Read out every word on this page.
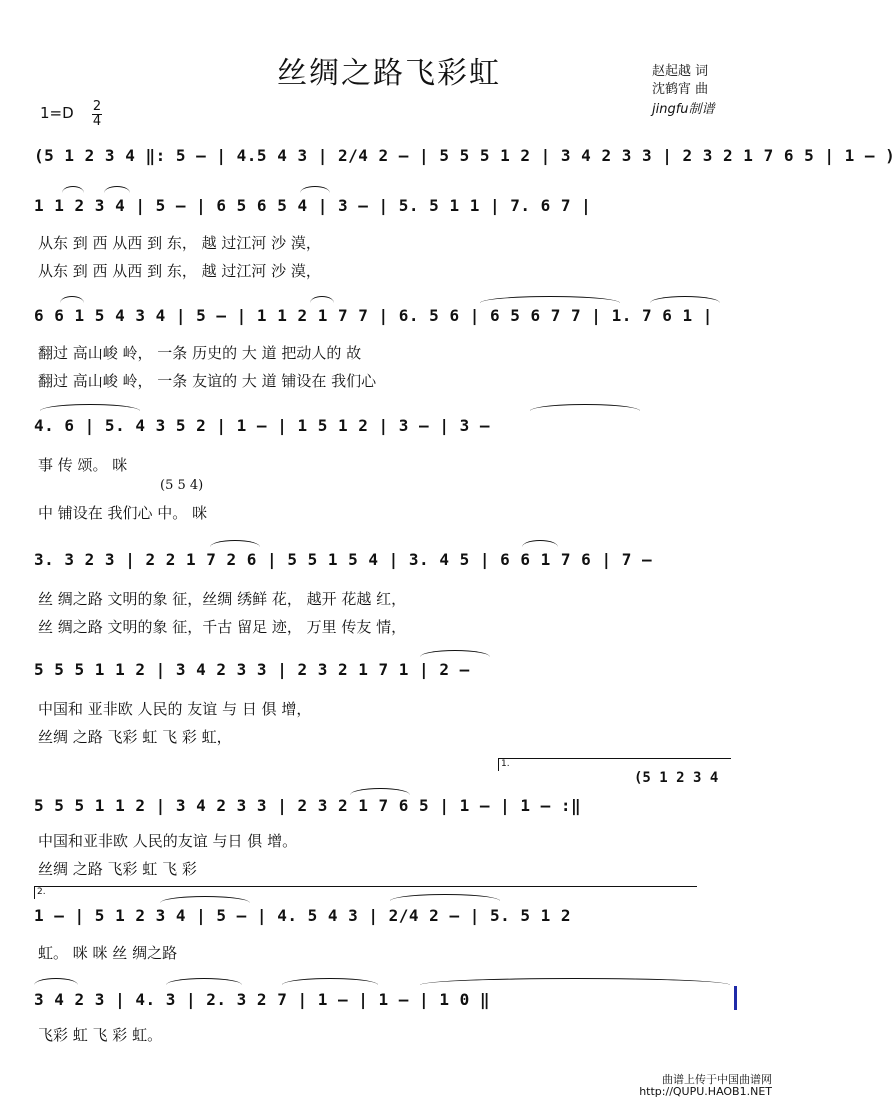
丝绸之路飞彩虹	赵起越 词
沈鹤宵 曲
jingfu制谱
1=D 2
4
(5 1 2 3 4 ‖: 5 – | 4.5 4 3 | 2/4 2 – | 5 5 5 1 2 | 3 4 2 3 3 | 2 3 2 1 7 6 5 | 1 – )
1 1 2 3 4 | 5 – | 6 5 6 5 4 | 3 – | 5. 5 1 1 | 7. 6 7 |
从东 到 西 从西 到 东， 越 过江河 沙 漠，
从东 到 西 从西 到 东， 越 过江河 沙 漠，
6 6 1 5 4 3 4 | 5 – | 1 1 2 1 7 7 | 6. 5 6 | 6 5 6 7 7 | 1. 7 6 1 |
翻过 高山峻 岭， 一条 历史的 大 道 把动人的 故
翻过 高山峻 岭， 一条 友谊的 大 道 铺设在 我们心
4. 6 | 5. 4 3 5 2 | 1 – | 1 5 1 2 | 3 – | 3 –
事 传 颂。 咪
(5 5 4)
中 铺设在 我们心 中。 咪
3. 3 2 3 | 2 2 1 7 2 6 | 5 5 1 5 4 | 3. 4 5 | 6 6 1 7 6 | 7 –
丝 绸之路 文明的象 征，丝绸 绣鲜 花， 越开 花越 红，
丝 绸之路 文明的象 征，千古 留足 迹， 万里 传友 情，
5 5 5 1 1 2 | 3 4 2 3 3 | 2 3 2 1 7 1 | 2 –
中国和 亚非欧 人民的 友谊 与 日 俱 增，
丝绸 之路 飞彩 虹 飞 彩 虹，
1.
(5 1 2 3 4
5 5 5 1 1 2 | 3 4 2 3 3 | 2 3 2 1 7 6 5 | 1 – | 1 – :‖
中国和亚非欧 人民的友谊 与日 俱 增。
丝绸 之路 飞彩 虹 飞 彩
2.
1 – | 5 1 2 3 4 | 5 – | 4. 5 4 3 | 2/4 2 – | 5. 5 1 2
虹。 咪 咪 丝 绸之路
3 4 2 3 | 4. 3 | 2. 3 2 7 | 1 – | 1 – | 1 0 ‖
飞彩 虹 飞 彩 虹。
曲谱上传于中国曲谱网
http://QUPU.HAOB1.NET
